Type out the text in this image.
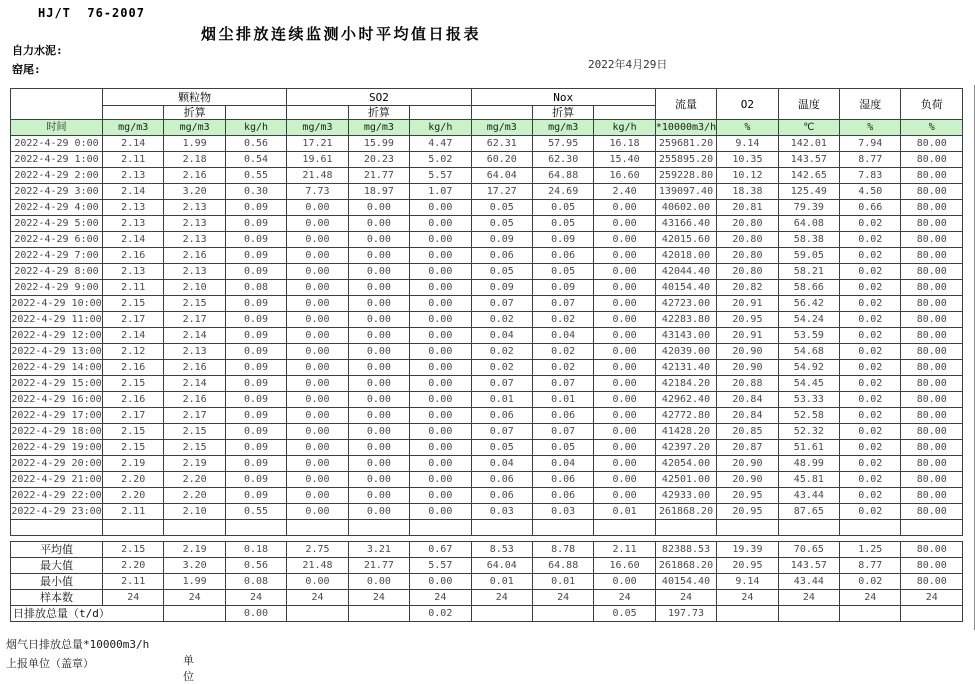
HJ/T  76-2007
烟尘排放连续监测小时平均值日报表
自力水泥:
窑尾:	2022年4月29日
	颗粒物			SO2			Nox			流量	O2	温度	湿度	负荷
		折算			折算			折算						
时间	mg/m3	mg/m3	kg/h	mg/m3	mg/m3	kg/h	mg/m3	mg/m3	kg/h	*10000m3/h	%	℃	%	%
2022-4-29 0:00	2.14	1.99	0.56	17.21	15.99	4.47	62.31	57.95	16.18	259681.20	9.14	142.01	7.94	80.00
2022-4-29 1:00	2.11	2.18	0.54	19.61	20.23	5.02	60.20	62.30	15.40	255895.20	10.35	143.57	8.77	80.00
2022-4-29 2:00	2.13	2.16	0.55	21.48	21.77	5.57	64.04	64.88	16.60	259228.80	10.12	142.65	7.83	80.00
2022-4-29 3:00	2.14	3.20	0.30	7.73	18.97	1.07	17.27	24.69	2.40	139097.40	18.38	125.49	4.50	80.00
2022-4-29 4:00	2.13	2.13	0.09	0.00	0.00	0.00	0.05	0.05	0.00	40602.00	20.81	79.39	0.66	80.00
2022-4-29 5:00	2.13	2.13	0.09	0.00	0.00	0.00	0.05	0.05	0.00	43166.40	20.80	64.08	0.02	80.00
2022-4-29 6:00	2.14	2.13	0.09	0.00	0.00	0.00	0.09	0.09	0.00	42015.60	20.80	58.38	0.02	80.00
2022-4-29 7:00	2.16	2.16	0.09	0.00	0.00	0.00	0.06	0.06	0.00	42018.00	20.80	59.05	0.02	80.00
2022-4-29 8:00	2.13	2.13	0.09	0.00	0.00	0.00	0.05	0.05	0.00	42044.40	20.80	58.21	0.02	80.00
2022-4-29 9:00	2.11	2.10	0.08	0.00	0.00	0.00	0.09	0.09	0.00	40154.40	20.82	58.66	0.02	80.00
2022-4-29 10:00	2.15	2.15	0.09	0.00	0.00	0.00	0.07	0.07	0.00	42723.00	20.91	56.42	0.02	80.00
2022-4-29 11:00	2.17	2.17	0.09	0.00	0.00	0.00	0.02	0.02	0.00	42283.80	20.95	54.24	0.02	80.00
2022-4-29 12:00	2.14	2.14	0.09	0.00	0.00	0.00	0.04	0.04	0.00	43143.00	20.91	53.59	0.02	80.00
2022-4-29 13:00	2.12	2.13	0.09	0.00	0.00	0.00	0.02	0.02	0.00	42039.00	20.90	54.68	0.02	80.00
2022-4-29 14:00	2.16	2.16	0.09	0.00	0.00	0.00	0.02	0.02	0.00	42131.40	20.90	54.92	0.02	80.00
2022-4-29 15:00	2.15	2.14	0.09	0.00	0.00	0.00	0.07	0.07	0.00	42184.20	20.88	54.45	0.02	80.00
2022-4-29 16:00	2.16	2.16	0.09	0.00	0.00	0.00	0.01	0.01	0.00	42962.40	20.84	53.33	0.02	80.00
2022-4-29 17:00	2.17	2.17	0.09	0.00	0.00	0.00	0.06	0.06	0.00	42772.80	20.84	52.58	0.02	80.00
2022-4-29 18:00	2.15	2.15	0.09	0.00	0.00	0.00	0.07	0.07	0.00	41428.20	20.85	52.32	0.02	80.00
2022-4-29 19:00	2.15	2.15	0.09	0.00	0.00	0.00	0.05	0.05	0.00	42397.20	20.87	51.61	0.02	80.00
2022-4-29 20:00	2.19	2.19	0.09	0.00	0.00	0.00	0.04	0.04	0.00	42054.00	20.90	48.99	0.02	80.00
2022-4-29 21:00	2.20	2.20	0.09	0.00	0.00	0.00	0.06	0.06	0.00	42501.00	20.90	45.81	0.02	80.00
2022-4-29 22:00	2.20	2.20	0.09	0.00	0.00	0.00	0.06	0.06	0.00	42933.00	20.95	43.44	0.02	80.00
2022-4-29 23:00	2.11	2.10	0.55	0.00	0.00	0.00	0.03	0.03	0.01	261868.20	20.95	87.65	0.02	80.00

平均值	2.15	2.19	0.18	2.75	3.21	0.67	8.53	8.78	2.11	82388.53	19.39	70.65	1.25	80.00
最大值	2.20	3.20	0.56	21.48	21.77	5.57	64.04	64.88	16.60	261868.20	20.95	143.57	8.77	80.00
最小值	2.11	1.99	0.08	0.00	0.00	0.00	0.01	0.01	0.00	40154.40	9.14	43.44	0.02	80.00
样本数	24	24	24	24	24	24	24	24	24	24	24	24	24	24
日排放总量（t/d）			0.00			0.02			0.05	197.73				
烟气日排放总量*10000m3/h
上报单位（盖章）	单位
